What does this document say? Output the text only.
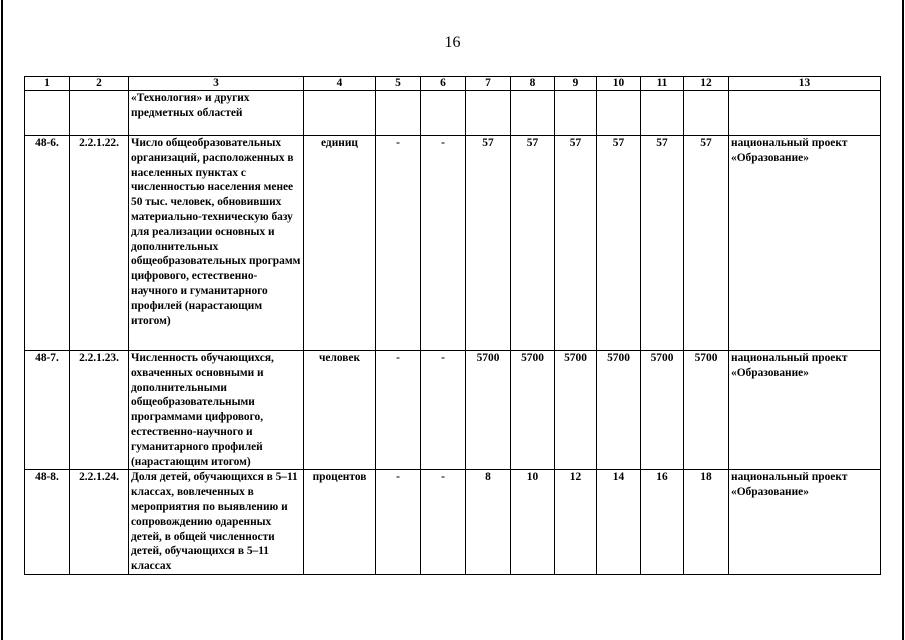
16
1	2	3	4	5	6	7	8	9	10	11	12	13
		«Технология» и других предметных областей										
48-6.	2.2.1.22.	Число общеобразовательных организаций, расположенных в населенных пунктах с численностью населения менее 50 тыс. человек, обновивших материально-техническую базу для реализации основных и дополнительных общеобразовательных программ цифрового, естественно-научного и гуманитарного профилей (нарастающим итогом)	единиц	-	-	57	57	57	57	57	57	национальный проект «Образование»
48-7.	2.2.1.23.	Численность обучающихся, охваченных основными и дополнительными общеобразовательными программами цифрового, естественно-научного и гуманитарного профилей (нарастающим итогом)	человек	-	-	5700	5700	5700	5700	5700	5700	национальный проект «Образование»
48-8.	2.2.1.24.	Доля детей, обучающихся в 5–11 классах, вовлеченных в мероприятия по выявлению и сопровождению одаренных детей, в общей численности детей, обучающихся в 5–11 классах	процентов	-	-	8	10	12	14	16	18	национальный проект «Образование»
